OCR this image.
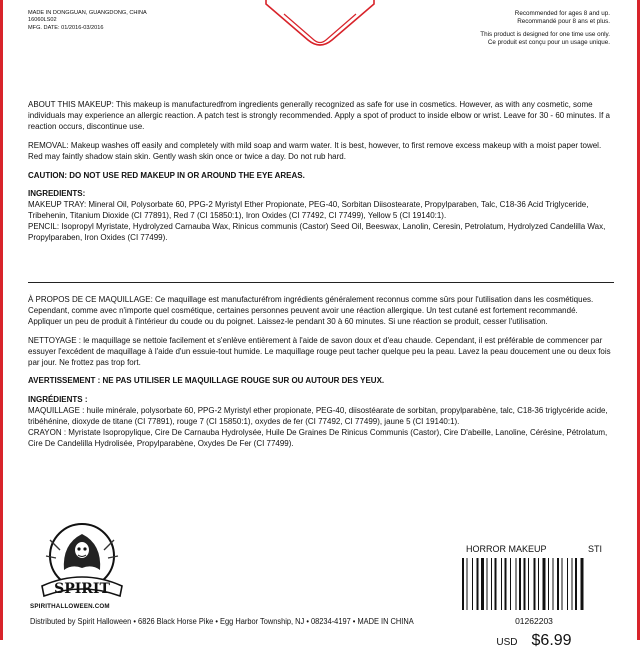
MADE IN DONGGUAN, GUANGDONG, CHINA
16060LS02
MFG. DATE: 01/2016-03/2016
Recommended for ages 8 and up.
Recommandé pour 8 ans et plus.
This product is designed for one time use only.
Ce produit est conçu pour un usage unique.

ABOUT THIS MAKEUP: This makeup is manufacturedfrom ingredients generally recognized as safe for use in cosmetics. However, as with any cosmetic, some individuals may experience an allergic reaction. A patch test is strongly recommended. Apply a spot of product to inside elbow or wrist. Leave for 30 - 60 minutes. If a reaction occurs, discontinue use.

REMOVAL: Makeup washes off easily and completely with mild soap and warm water. It is best, however, to first remove excess makeup with a moist paper towel. Red may faintly shadow stain skin. Gently wash skin once or twice a day. Do not rub hard.

CAUTION: DO NOT USE RED MAKEUP IN OR AROUND THE EYE AREAS.

INGREDIENTS:

MAKEUP TRAY: Mineral Oil, Polysorbate 60, PPG-2 Myristyl Ether Propionate, PEG-40, Sorbitan Diisostearate, Propylparaben, Talc, C18-36 Acid Triglyceride, Tribehenin, Titanium Dioxide (CI 77891), Red 7 (CI 15850:1), Iron Oxides (CI 77492, CI 77499), Yellow 5 (CI 19140:1).

PENCIL: Isopropyl Myristate, Hydrolyzed Carnauba Wax, Rinicus communis (Castor) Seed Oil, Beeswax, Lanolin, Ceresin, Petrolatum, Hydrolyzed Candelilla Wax, Propylparaben, Iron Oxides (CI 77499).

À PROPOS DE CE MAQUILLAGE: Ce maquillage est manufacturéfrom ingrédients généralement reconnus comme sûrs pour l'utilisation dans les cosmétiques. Cependant, comme avec n'importe quel cosmétique, certaines personnes peuvent avoir une réaction allergique. Un test cutané est fortement recommandé. Appliquer un peu de produit à l'intérieur du coude ou du poignet. Laissez-le pendant 30 à 60 minutes. Si une réaction se produit, cesser l'utilisation.

NETTOYAGE : le maquillage se nettoie facilement et s'enlève entièrement à l'aide de savon doux et d'eau chaude. Cependant, il est préférable de commencer par essuyer l'excédent de maquillage à l'aide d'un essuie-tout humide. Le maquillage rouge peut tacher quelque peu la peau. Lavez la peau doucement une ou deux fois par jour. Ne frottez pas trop fort.

AVERTISSEMENT : NE PAS UTILISER LE MAQUILLAGE ROUGE SUR OU AUTOUR DES YEUX.

INGRÉDIENTS :

MAQUILLAGE : huile minérale, polysorbate 60, PPG-2 Myristyl ether propionate, PEG-40, diisostéarate de sorbitan, propylparabène, talc, C18-36 triglycéride acide, tribéhénine, dioxyde de titane (CI 77891), rouge 7 (CI 15850:1), oxydes de fer (CI 77492, CI 77499), jaune 5 (CI 19140:1).

CRAYON : Myristate Isopropylique, Cire De Carnauba Hydrolysée, Huile De Graines De Rinicus Communis (Castor), Cire D'abeille, Lanoline, Cérésine, Pétrolatum, Cire De Candelilla Hydrolisée, Propylparabène, Oxydes De Fer (CI 77499).

SPIRIT
SPIRITHALLOWEEN.COM
Distributed by Spirit Halloween • 6826 Black Horse Pike • Egg Harbor Township, NJ • 08234-4197 • MADE IN CHINA
HORROR MAKEUP	STI
01262203
USD $6.99
